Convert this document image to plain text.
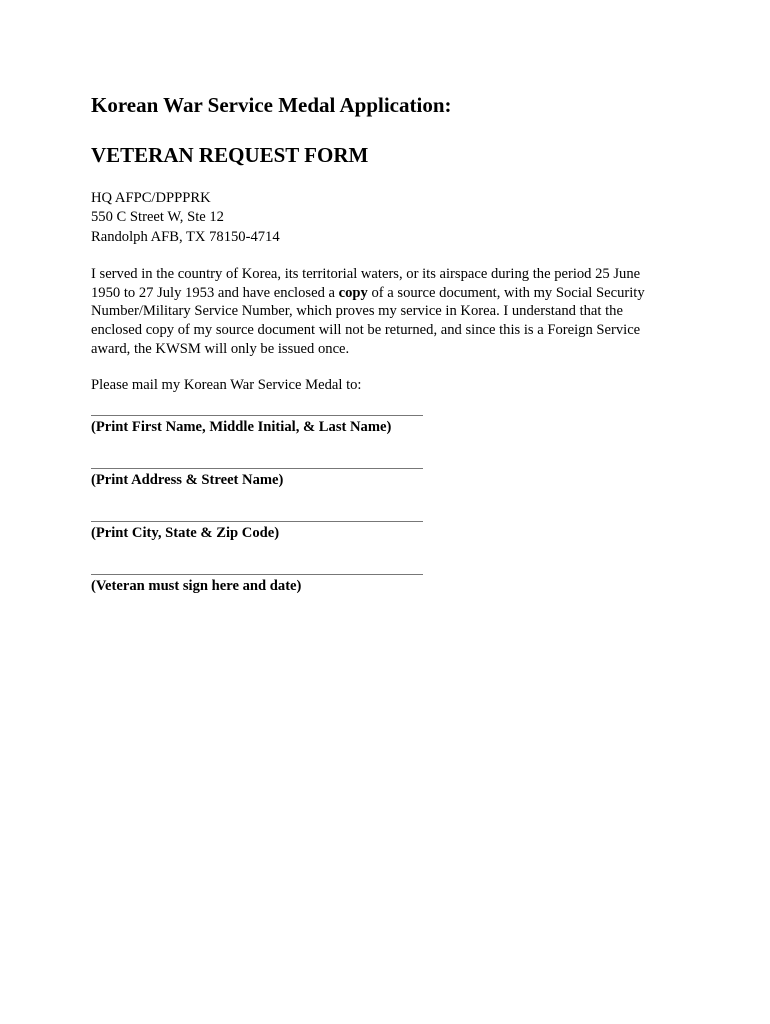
Korean War Service Medal Application:
VETERAN REQUEST FORM
HQ AFPC/DPPPRK
550 C Street W, Ste 12
Randolph AFB, TX 78150-4714
I served in the country of Korea, its territorial waters, or its airspace during the period 25 June
1950 to 27 July 1953 and have enclosed a copy of a source document, with my Social Security
Number/Military Service Number, which proves my service in Korea. I understand that the
enclosed copy of my source document will not be returned, and since this is a Foreign Service
award, the KWSM will only be issued once.
Please mail my Korean War Service Medal to:
(Print First Name, Middle Initial, & Last Name)
(Print Address & Street Name)
(Print City, State & Zip Code)
(Veteran must sign here and date)
